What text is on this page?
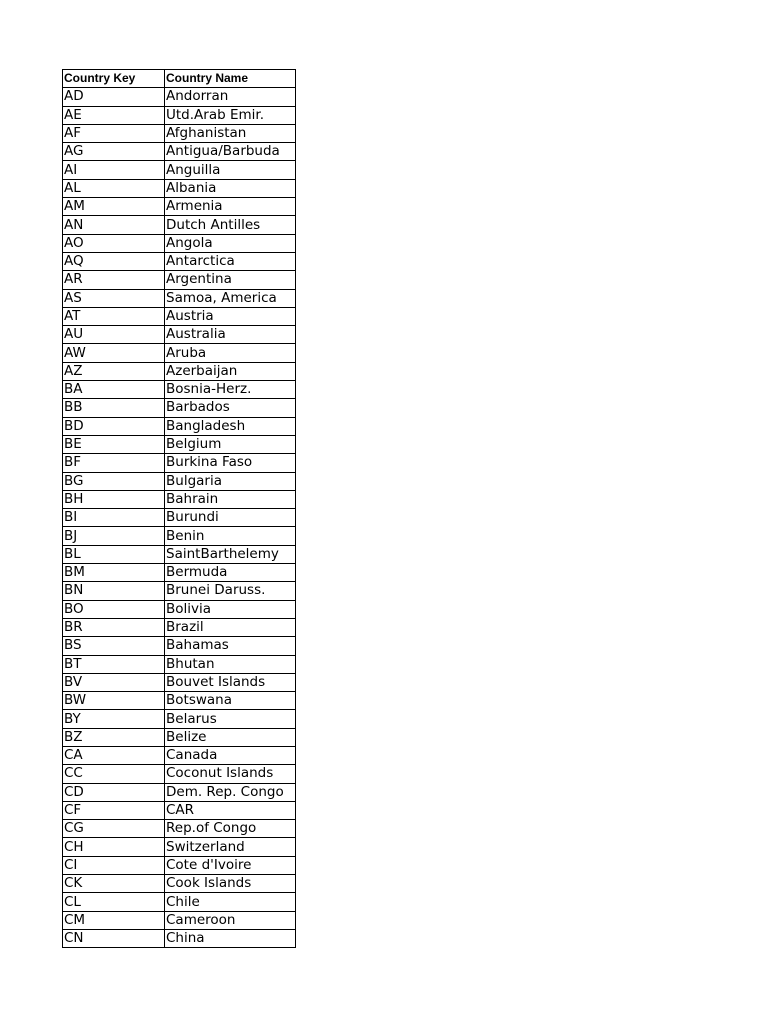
Country Key	Country Name
AD	Andorran
AE	Utd.Arab Emir.
AF	Afghanistan
AG	Antigua/Barbuda
AI	Anguilla
AL	Albania
AM	Armenia
AN	Dutch Antilles
AO	Angola
AQ	Antarctica
AR	Argentina
AS	Samoa, America
AT	Austria
AU	Australia
AW	Aruba
AZ	Azerbaijan
BA	Bosnia-Herz.
BB	Barbados
BD	Bangladesh
BE	Belgium
BF	Burkina Faso
BG	Bulgaria
BH	Bahrain
BI	Burundi
BJ	Benin
BL	SaintBarthelemy
BM	Bermuda
BN	Brunei Daruss.
BO	Bolivia
BR	Brazil
BS	Bahamas
BT	Bhutan
BV	Bouvet Islands
BW	Botswana
BY	Belarus
BZ	Belize
CA	Canada
CC	Coconut Islands
CD	Dem. Rep. Congo
CF	CAR
CG	Rep.of Congo
CH	Switzerland
CI	Cote d'Ivoire
CK	Cook Islands
CL	Chile
CM	Cameroon
CN	China
